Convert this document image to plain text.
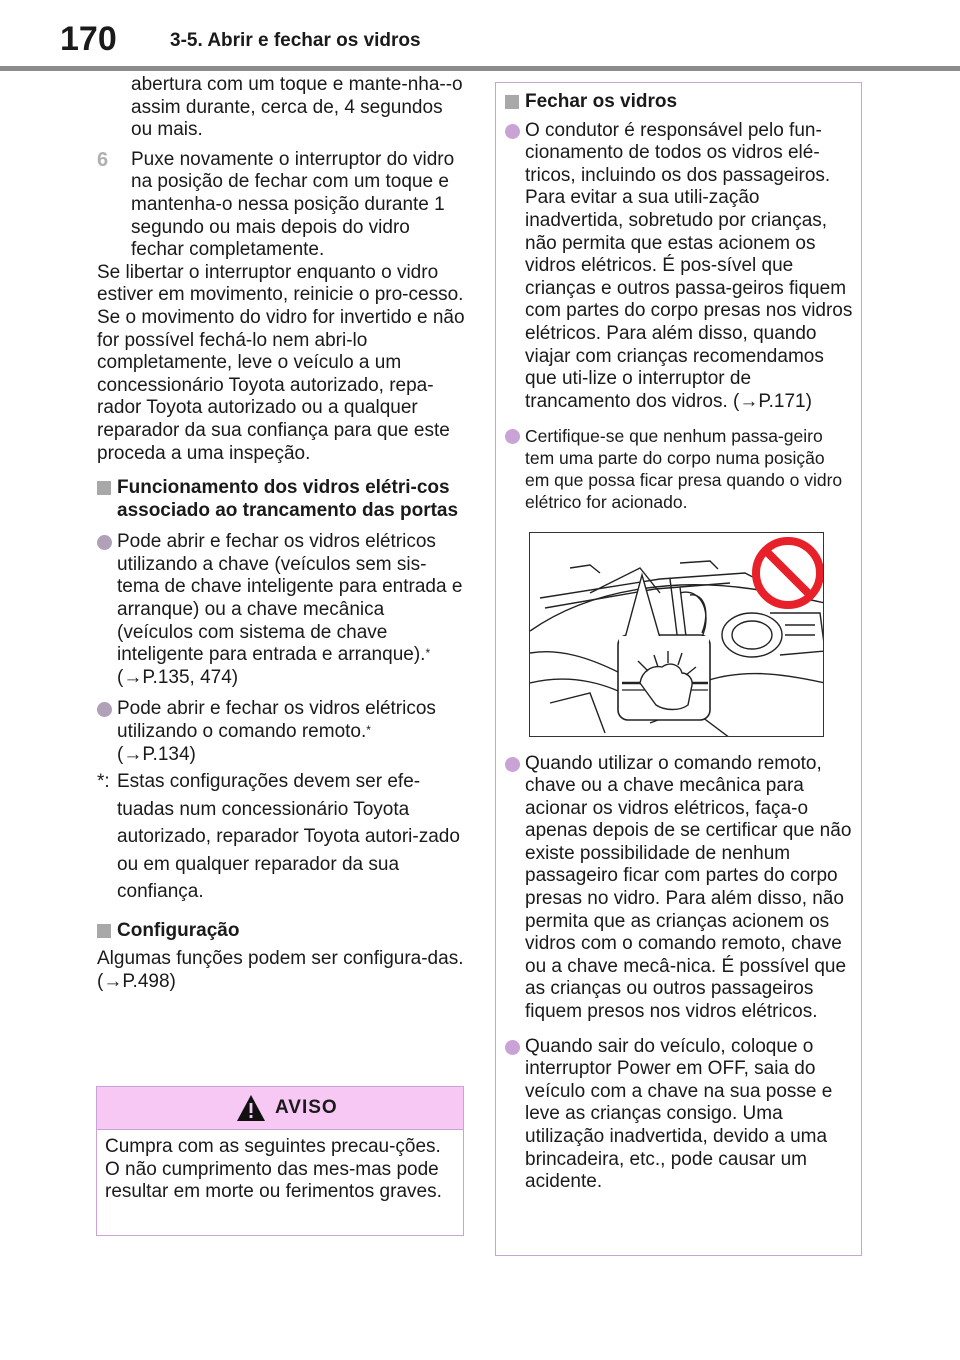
170	3-5. Abrir e fechar os vidros

abertura com um toque e mante-nha--o assim durante, cerca de, 4 segundos ou mais.

6 Puxe novamente o interruptor do vidro na posição de fechar com um toque e mantenha-o nessa posição durante 1 segundo ou mais depois do vidro fechar completamente.

Se libertar o interruptor enquanto o vidro estiver em movimento, reinicie o pro-cesso.

Se o movimento do vidro for invertido e não for possível fechá-lo nem abri-lo completamente, leve o veículo a um concessionário Toyota autorizado, repa-rador Toyota autorizado ou a qualquer reparador da sua confiança para que este proceda a uma inspeção.

Funcionamento dos vidros elétri-cos associado ao trancamento das portas
Pode abrir e fechar os vidros elétricos utilizando a chave (veículos sem sis-tema de chave inteligente para entrada e arranque) ou a chave mecânica (veículos com sistema de chave inteligente para entrada e arranque).* (→P.135, 474)
Pode abrir e fechar os vidros elétricos utilizando o comando remoto.*
(→P.134)
*: Estas configurações devem ser efe-tuadas num concessionário Toyota autorizado, reparador Toyota autori-zado ou em qualquer reparador da sua confiança.
Configuração

Algumas funções podem ser configura-das. (→P.498)

AVISO

Cumpra com as seguintes precau-ções. O não cumprimento das mes-mas pode resultar em morte ou ferimentos graves.

Fechar os vidros
O condutor é responsável pelo fun-cionamento de todos os vidros elé-tricos, incluindo os dos passageiros. Para evitar a sua utili-zação inadvertida, sobretudo por crianças, não permita que estas acionem os vidros elétricos. É pos-sível que crianças e outros passa-geiros fiquem com partes do corpo presas nos vidros elétricos. Para além disso, quando viajar com crianças recomendamos que uti-lize o interruptor de trancamento dos vidros. (→P.171)
Certifique-se que nenhum passa-geiro tem uma parte do corpo numa posição em que possa ficar presa quando o vidro elétrico for acionado.
Quando utilizar o comando remoto, chave ou a chave mecânica para acionar os vidros elétricos, faça-o apenas depois de se certificar que não existe possibilidade de nenhum passageiro ficar com partes do corpo presas no vidro. Para além disso, não permita que as crianças acionem os vidros com o comando remoto, chave ou a chave mecâ-nica. É possível que as crianças ou outros passageiros fiquem presos nos vidros elétricos.
Quando sair do veículo, coloque o interruptor Power em OFF, saia do veículo com a chave na sua posse e leve as crianças consigo. Uma utilização inadvertida, devido a uma brincadeira, etc., pode causar um acidente.
